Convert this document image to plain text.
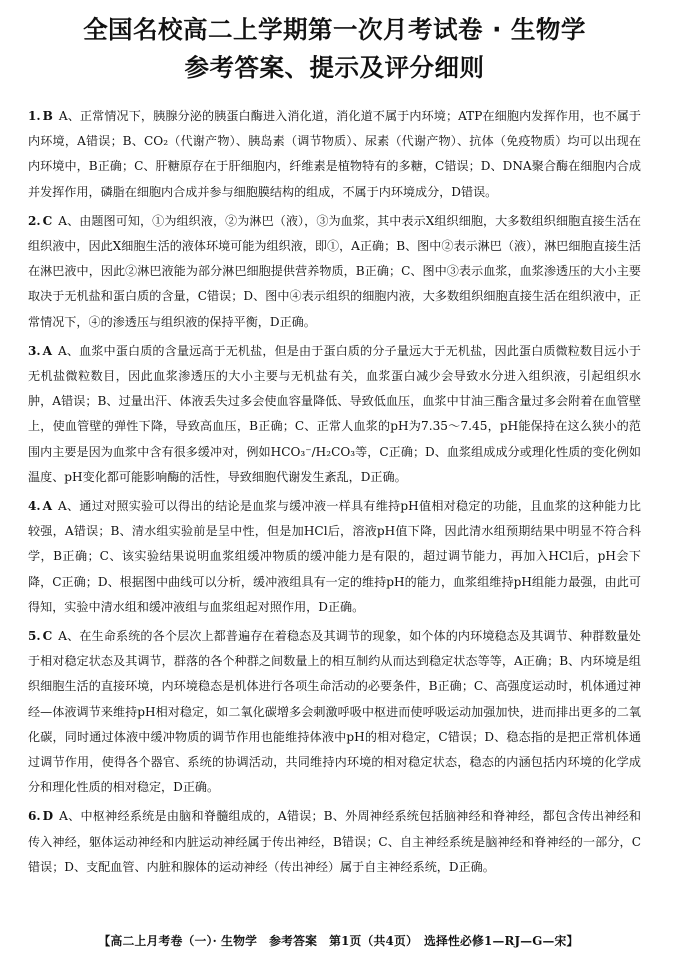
全国名校高二上学期第一次月考试卷 · 生物学
参考答案、提示及评分细则

1. B A、正常情况下，胰腺分泌的胰蛋白酶进入消化道，消化道不属于内环境；ATP在细胞内发挥作用，也不属于内环境，A错误；B、CO₂（代谢产物）、胰岛素（调节物质）、尿素（代谢产物）、抗体（免疫物质）均可以出现在内环境中，B正确；C、肝糖原存在于肝细胞内，纤维素是植物特有的多糖，C错误；D、DNA聚合酶在细胞内合成并发挥作用，磷脂在细胞内合成并参与细胞膜结构的组成，不属于内环境成分，D错误。

2. C A、由题图可知，①为组织液，②为淋巴（液），③为血浆，其中表示X组织细胞，大多数组织细胞直接生活在组织液中，因此X细胞生活的液体环境可能为组织液，即①，A正确；B、图中②表示淋巴（液），淋巴细胞直接生活在淋巴液中，因此②淋巴液能为部分淋巴细胞提供营养物质，B正确；C、图中③表示血浆，血浆渗透压的大小主要取决于无机盐和蛋白质的含量，C错误；D、图中④表示组织的细胞内液，大多数组织细胞直接生活在组织液中，正常情况下，④的渗透压与组织液的保持平衡，D正确。

3. A A、血浆中蛋白质的含量远高于无机盐，但是由于蛋白质的分子量远大于无机盐，因此蛋白质微粒数目远小于无机盐微粒数目，因此血浆渗透压的大小主要与无机盐有关，血浆蛋白减少会导致水分进入组织液，引起组织水肿，A错误；B、过量出汗、体液丢失过多会使血容量降低、导致低血压，血浆中甘油三酯含量过多会附着在血管壁上，使血管壁的弹性下降，导致高血压，B正确；C、正常人血浆的pH为7.35～7.45，pH能保持在这么狭小的范围内主要是因为血浆中含有很多缓冲对，例如HCO₃⁻/H₂CO₃等，C正确；D、血浆组成成分或理化性质的变化例如温度、pH变化都可能影响酶的活性，导致细胞代谢发生紊乱，D正确。

4. A A、通过对照实验可以得出的结论是血浆与缓冲液一样具有维持pH值相对稳定的功能，且血浆的这种能力比较强，A错误；B、清水组实验前是呈中性，但是加HCl后，溶液pH值下降，因此清水组预期结果中明显不符合科学，B正确；C、该实验结果说明血浆组缓冲物质的缓冲能力是有限的，超过调节能力，再加入HCl后，pH会下降，C正确；D、根据图中曲线可以分析，缓冲液组具有一定的维持pH的能力，血浆组维持pH组能力最强，由此可得知，实验中清水组和缓冲液组与血浆组起对照作用，D正确。

5. C A、在生命系统的各个层次上都普遍存在着稳态及其调节的现象，如个体的内环境稳态及其调节、种群数量处于相对稳定状态及其调节，群落的各个种群之间数量上的相互制约从而达到稳定状态等等，A正确；B、内环境是组织细胞生活的直接环境，内环境稳态是机体进行各项生命活动的必要条件，B正确；C、高强度运动时，机体通过神经—体液调节来维持pH相对稳定，如二氧化碳增多会刺激呼吸中枢进而使呼吸运动加强加快，进而排出更多的二氧化碳，同时通过体液中缓冲物质的调节作用也能维持体液中pH的相对稳定，C错误；D、稳态指的是把正常机体通过调节作用，使得各个器官、系统的协调活动，共同维持内环境的相对稳定状态，稳态的内涵包括内环境的化学成分和理化性质的相对稳定，D正确。

6. D A、中枢神经系统是由脑和脊髓组成的，A错误；B、外周神经系统包括脑神经和脊神经，都包含传出神经和传入神经，躯体运动神经和内脏运动神经属于传出神经，B错误；C、自主神经系统是脑神经和脊神经的一部分，C错误；D、支配血管、内脏和腺体的运动神经（传出神经）属于自主神经系统，D正确。

【高二上月考卷（一）· 生物学　参考答案　第1页（共4页）　选择性必修1—RJ—G—宋】
